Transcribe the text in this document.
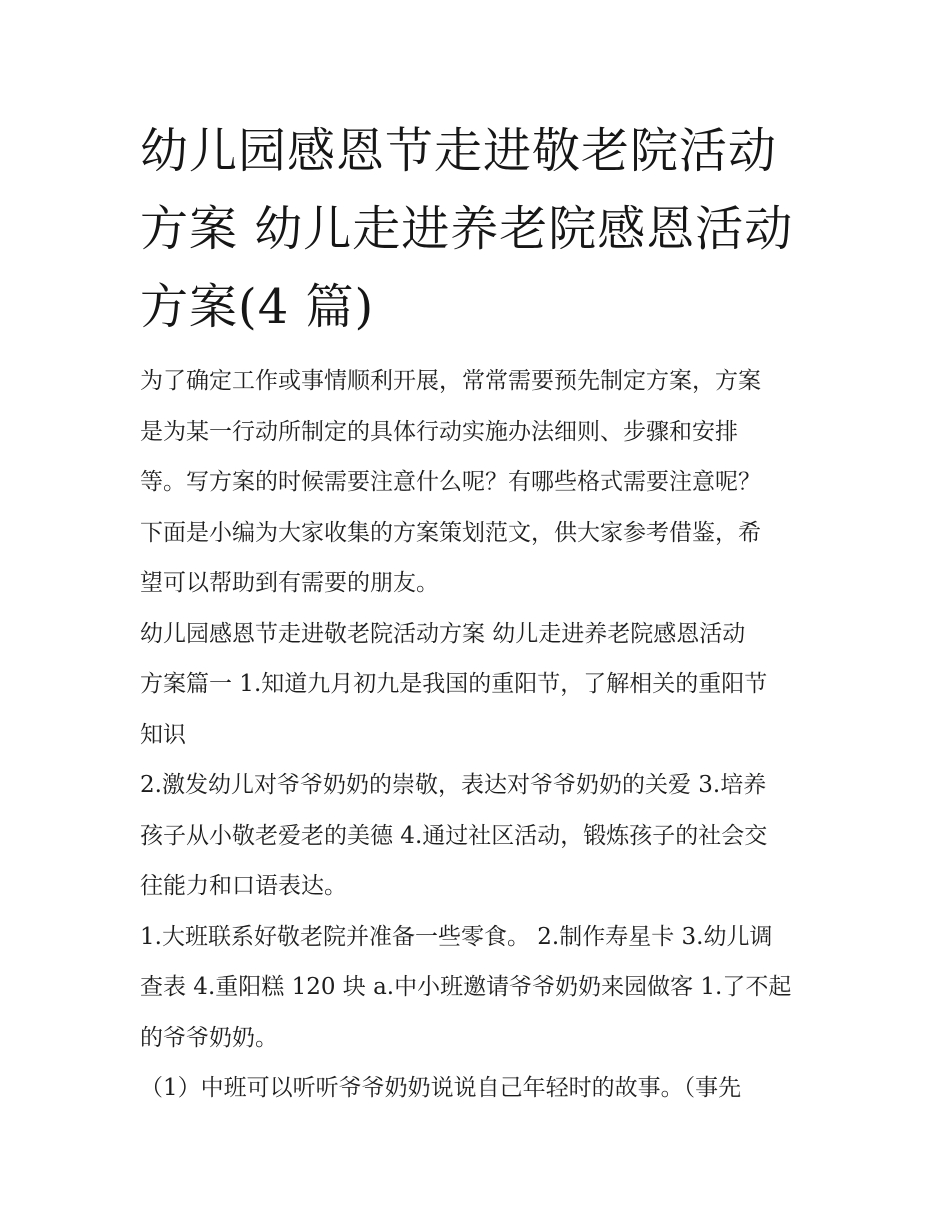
幼儿园感恩节走进敬老院活动
方案 幼儿走进养老院感恩活动
方案(4 篇)
为了确定工作或事情顺利开展，常常需要预先制定方案，方案
是为某一行动所制定的具体行动实施办法细则、步骤和安排
等。写方案的时候需要注意什么呢？有哪些格式需要注意呢？
下面是小编为大家收集的方案策划范文，供大家参考借鉴，希
望可以帮助到有需要的朋友。
幼儿园感恩节走进敬老院活动方案 幼儿走进养老院感恩活动
方案篇一 1.知道九月初九是我国的重阳节，了解相关的重阳节
知识
2.激发幼儿对爷爷奶奶的崇敬，表达对爷爷奶奶的关爱 3.培养
孩子从小敬老爱老的美德 4.通过社区活动，锻炼孩子的社会交
往能力和口语表达。
1.大班联系好敬老院并准备一些零食。 2.制作寿星卡 3.幼儿调
查表 4.重阳糕 120 块 a.中小班邀请爷爷奶奶来园做客 1.了不起
的爷爷奶奶。
（1）中班可以听听爷爷奶奶说说自己年轻时的故事。（事先
